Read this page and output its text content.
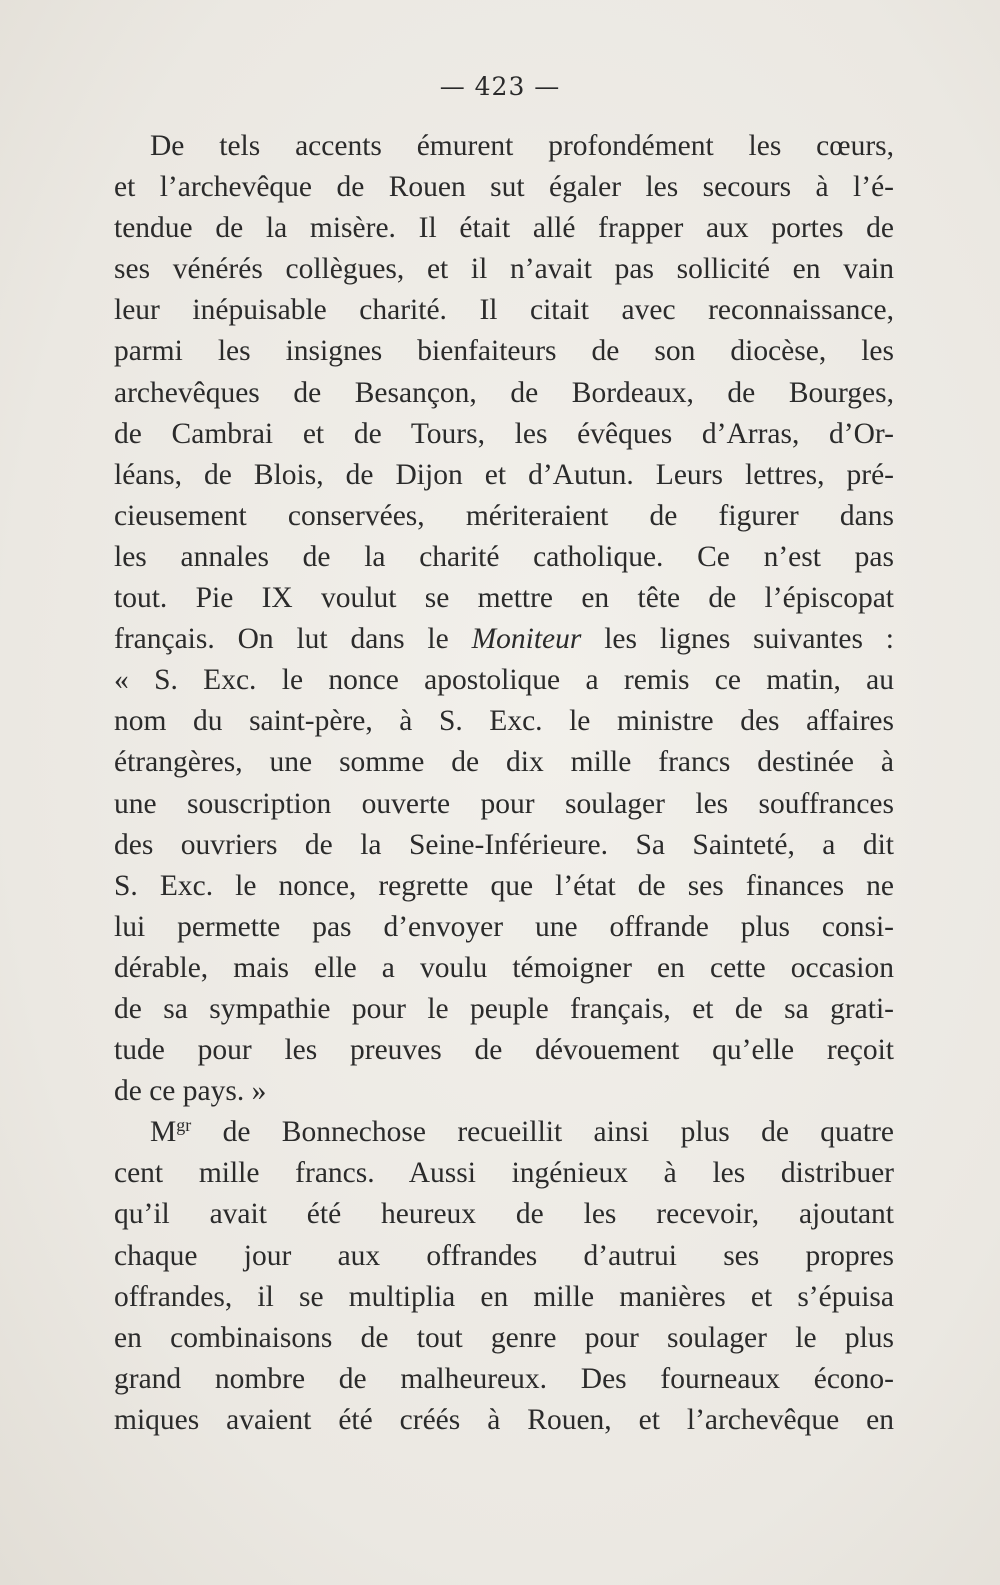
— 423 —
De tels accents émurent profondément les cœurs,
et l’archevêque de Rouen sut égaler les secours à l’é-
tendue de la misère. Il était allé frapper aux portes de
ses vénérés collègues, et il n’avait pas sollicité en vain
leur inépuisable charité. Il citait avec reconnaissance,
parmi les insignes bienfaiteurs de son diocèse, les
archevêques de Besançon, de Bordeaux, de Bourges,
de Cambrai et de Tours, les évêques d’Arras, d’Or-
léans, de Blois, de Dijon et d’Autun. Leurs lettres, pré-
cieusement conservées, mériteraient de figurer dans
les annales de la charité catholique. Ce n’est pas
tout. Pie IX voulut se mettre en tête de l’épiscopat
français. On lut dans le Moniteur les lignes suivantes :
« S. Exc. le nonce apostolique a remis ce matin, au
nom du saint-père, à S. Exc. le ministre des affaires
étrangères, une somme de dix mille francs destinée à
une souscription ouverte pour soulager les souffrances
des ouvriers de la Seine-Inférieure. Sa Sainteté, a dit
S. Exc. le nonce, regrette que l’état de ses finances ne
lui permette pas d’envoyer une offrande plus consi-
dérable, mais elle a voulu témoigner en cette occasion
de sa sympathie pour le peuple français, et de sa grati-
tude pour les preuves de dévouement qu’elle reçoit
de ce pays. »
$M^{gr}$ de Bonnechose recueillit ainsi plus de quatre
cent mille francs. Aussi ingénieux à les distribuer
qu’il avait été heureux de les recevoir, ajoutant
chaque jour aux offrandes d’autrui ses propres
offrandes, il se multiplia en mille manières et s’épuisa
en combinaisons de tout genre pour soulager le plus
grand nombre de malheureux. Des fourneaux écono-
miques avaient été créés à Rouen, et l’archevêque en
